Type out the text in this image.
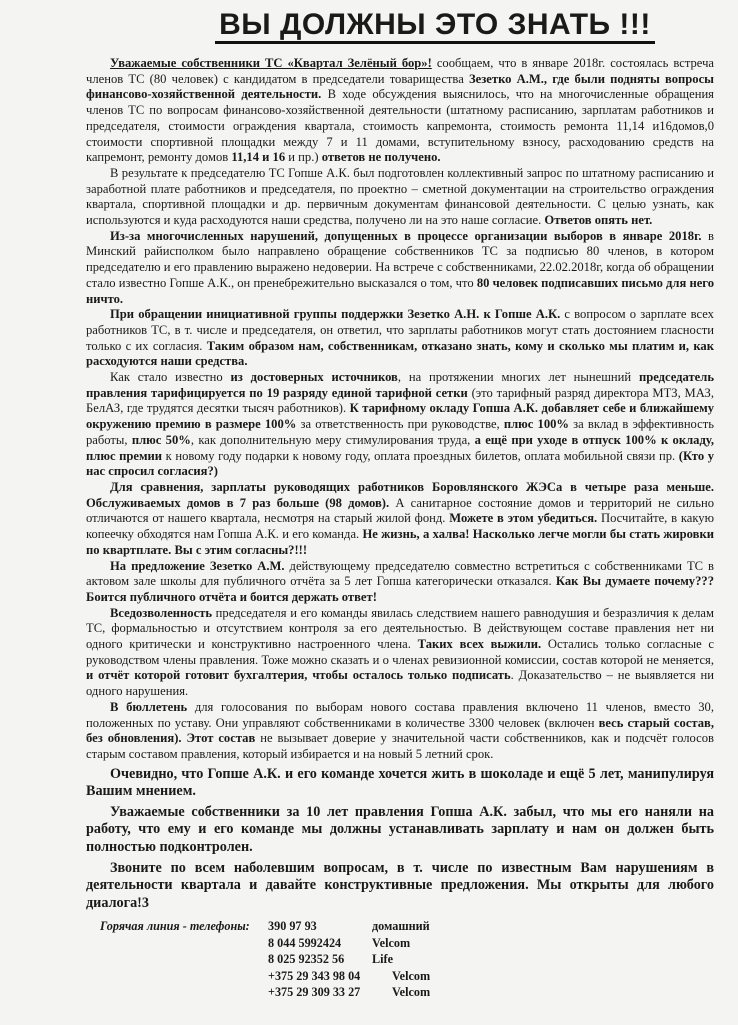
ВЫ ДОЛЖНЫ ЭТО ЗНАТЬ !!!

Уважаемые собственники ТС «Квартал Зелёный бор»! сообщаем, что в январе 2018г. состоялась встреча членов ТС (80 человек) с кандидатом в председатели товарищества Зезетко А.М., где были подняты вопросы финансово-хозяйственной деятельности. В ходе обсуждения выяснилось, что на многочисленные обращения членов ТС по вопросам финансово-хозяйственной деятельности (штатному расписанию, зарплатам работников и председателя, стоимости ограждения квартала, стоимость капремонта, стоимость ремонта 11,14 и16домов,0 стоимости спортивной площадки между 7 и 11 домами, вступительному взносу, расходованию средств на капремонт, ремонту домов 11,14 и 16 и пр.) ответов не получено.

В результате к председателю ТС Гопше А.К. был подготовлен коллективный запрос по штатному расписанию и заработной плате работников и председателя, по проектно – сметной документации на строительство ограждения квартала, спортивной площадки и др. первичным документам финансовой деятельности. С целью узнать, как используются и куда расходуются наши средства, получено ли на это наше согласие. Ответов опять нет.

Из-за многочисленных нарушений, допущенных в процессе организации выборов в январе 2018г. в Минский райисполком было направлено обращение собственников ТС за подписью 80 членов, в котором председателю и его правлению выражено недоверии. На встрече с собственниками, 22.02.2018г, когда об обращении стало известно Гопше А.К., он пренебрежительно высказался о том, что 80 человек подписавших письмо для него ничто.

При обращении инициативной группы поддержки Зезетко А.Н. к Гопше А.К. с вопросом о зарплате всех работников ТС, в т. числе и председателя, он ответил, что зарплаты работников могут стать достоянием гласности только с их согласия. Таким образом нам, собственникам, отказано знать, кому и сколько мы платим и, как расходуются наши средства.

Как стало известно из достоверных источников, на протяжении многих лет нынешний председатель правления тарифицируется по 19 разряду единой тарифной сетки (это тарифный разряд директора МТЗ, МАЗ, БелАЗ, где трудятся десятки тысяч работников). К тарифному окладу Гопша А.К. добавляет себе и ближайшему окружению премию в размере 100% за ответственность при руководстве, плюс 100% за вклад в эффективность работы, плюс 50%, как дополнительную меру стимулирования труда, а ещё при уходе в отпуск 100% к окладу, плюс премии к новому году подарки к новому году, оплата проездных билетов, оплата мобильной связи пр. (Кто у нас спросил согласия?)

Для сравнения, зарплаты руководящих работников Боровлянского ЖЭСа в четыре раза меньше. Обслуживаемых домов в 7 раз больше (98 домов). А санитарное состояние домов и территорий не сильно отличаются от нашего квартала, несмотря на старый жилой фонд. Можете в этом убедиться. Посчитайте, в какую копеечку обходятся нам Гопша А.К. и его команда. Не жизнь, а халва! Насколько легче могли бы стать жировки по квартплате. Вы с этим согласны?!!!

На предложение Зезетко А.М. действующему председателю совместно встретиться с собственниками ТС в актовом зале школы для публичного отчёта за 5 лет Гопша категорически отказался. Как Вы думаете почему??? Боится публичного отчёта и боится держать ответ!

Вседозволенность председателя и его команды явилась следствием нашего равнодушия и безразличия к делам ТС, формальностью и отсутствием контроля за его деятельностью. В действующем составе правления нет ни одного критически и конструктивно настроенного члена. Таких всех выжили. Остались только согласные с руководством члены правления. Тоже можно сказать и о членах ревизионной комиссии, состав которой не меняется, и отчёт которой готовит бухгалтерия, чтобы осталось только подписать. Доказательство – не выявляется ни одного нарушения.

В бюллетень для голосования по выборам нового состава правления включено 11 членов, вместо 30, положенных по уставу. Они управляют собственниками в количестве 3300 человек (включен весь старый состав, без обновления). Этот состав не вызывает доверие у значительной части собственников, как и подсчёт голосов старым составом правления, который избирается и на новый 5 летний срок.

Очевидно, что Гопше А.К. и его команде хочется жить в шоколаде и ещё 5 лет, манипулируя Вашим мнением.

Уважаемые собственники за 10 лет правления Гопша А.К. забыл, что мы его наняли на работу, что ему и его команде мы должны устанавливать зарплату и нам он должен быть полностью подконтролен.

Звоните по всем наболевшим вопросам, в т. числе по известным Вам нарушениям в деятельности квартала и давайте конструктивные предложения. Мы открыты для любого диалога!3

Горячая линия - телефоны:	390 97 93	домашний
8 044 5992424	Velcom
8 025 92352 56	Life
+375 29 343 98 04	Velcom
+375 29 309 33 27	Velcom
